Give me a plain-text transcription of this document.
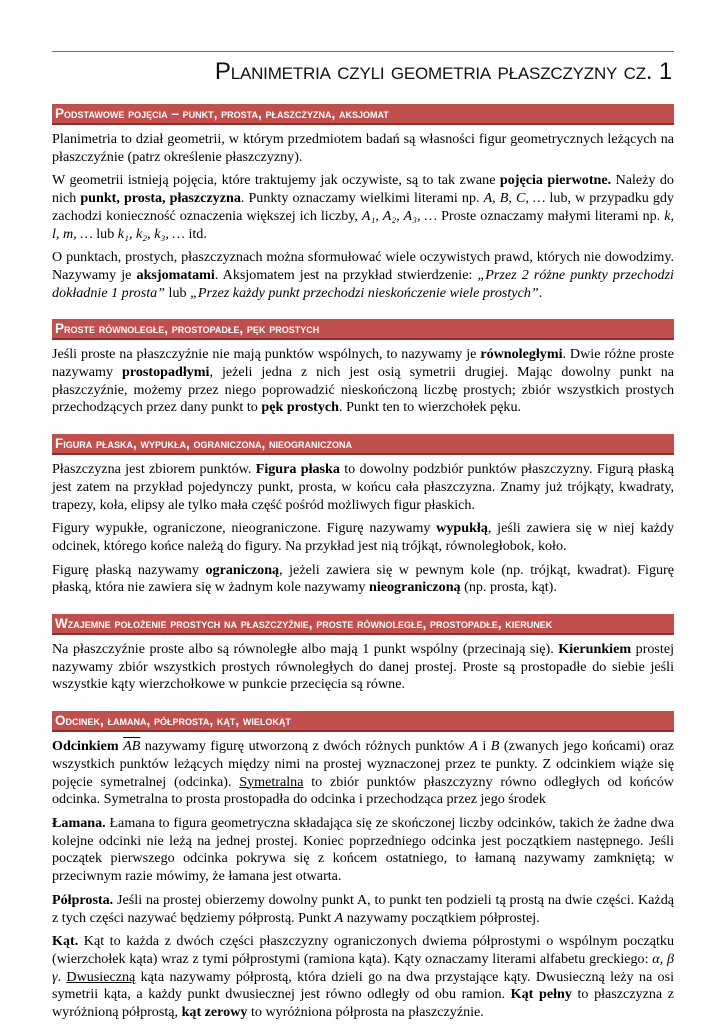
Planimetria czyli geometria płaszczyzny cz. 1
Podstawowe pojęcia – punkt, prosta, płaszczyzna, aksjomat

Planimetria to dział geometrii, w którym przedmiotem badań są własności figur geometrycznych leżących na płaszczyźnie (patrz określenie płaszczyzny).

W geometrii istnieją pojęcia, które traktujemy jak oczywiste, są to tak zwane pojęcia pierwotne. Należy do nich punkt, prosta, płaszczyzna. Punkty oznaczamy wielkimi literami np. A, B, C, … lub, w przypadku gdy zachodzi konieczność oznaczenia większej ich liczby, A₁, A₂, A₃, … Proste oznaczamy małymi literami np. k, l, m, … lub k₁, k₂, k₃, … itd.

O punktach, prostych, płaszczyznach można sformułować wiele oczywistych prawd, których nie dowodzimy. Nazywamy je aksjomatami. Aksjomatem jest na przykład stwierdzenie: „Przez 2 różne punkty przechodzi dokładnie 1 prosta” lub „Przez każdy punkt przechodzi nieskończenie wiele prostych”.

Proste równoległe, prostopadłe, pęk prostych

Jeśli proste na płaszczyźnie nie mają punktów wspólnych, to nazywamy je równoległymi. Dwie różne proste nazywamy prostopadłymi, jeżeli jedna z nich jest osią symetrii drugiej. Mając dowolny punkt na płaszczyźnie, możemy przez niego poprowadzić nieskończoną liczbę prostych; zbiór wszystkich prostych przechodzących przez dany punkt to pęk prostych. Punkt ten to wierzchołek pęku.

Figura płaska, wypukła, ograniczona, nieograniczona

Płaszczyzna jest zbiorem punktów. Figura płaska to dowolny podzbiór punktów płaszczyzny. Figurą płaską jest zatem na przykład pojedynczy punkt, prosta, w końcu cała płaszczyzna. Znamy już trójkąty, kwadraty, trapezy, koła, elipsy ale tylko mała część pośród możliwych figur płaskich.

Figury wypukłe, ograniczone, nieograniczone. Figurę nazywamy wypukłą, jeśli zawiera się w niej każdy odcinek, którego końce należą do figury. Na przykład jest nią trójkąt, równoległobok, koło.

Figurę płaską nazywamy ograniczoną, jeżeli zawiera się w pewnym kole (np. trójkąt, kwadrat). Figurę płaską, która nie zawiera się w żadnym kole nazywamy nieograniczoną (np. prosta, kąt).

Wzajemne położenie prostych na płaszczyźnie, proste równoległe, prostopadłe, kierunek

Na płaszczyźnie proste albo są równoległe albo mają 1 punkt wspólny (przecinają się). Kierunkiem prostej nazywamy zbiór wszystkich prostych równoległych do danej prostej. Proste są prostopadłe do siebie jeśli wszystkie kąty wierzchołkowe w punkcie przecięcia są równe.

Odcinek, łamana, półprosta, kąt, wielokąt

Odcinkiem $\overline{AB}$ nazywamy figurę utworzoną z dwóch różnych punktów A i B (zwanych jego końcami) oraz wszystkich punktów leżących między nimi na prostej wyznaczonej przez te punkty. Z odcinkiem wiąże się pojęcie symetralnej (odcinka). Symetralna to zbiór punktów płaszczyzny równo odległych od końców odcinka. Symetralna to prosta prostopadła do odcinka i przechodząca przez jego środek

Łamana. Łamana to figura geometryczna składająca się ze skończonej liczby odcinków, takich że żadne dwa kolejne odcinki nie leżą na jednej prostej. Koniec poprzedniego odcinka jest początkiem następnego. Jeśli początek pierwszego odcinka pokrywa się z końcem ostatniego, to łamaną nazywamy zamkniętą; w przeciwnym razie mówimy, że łamana jest otwarta.

Półprosta. Jeśli na prostej obierzemy dowolny punkt A, to punkt ten podzieli tą prostą na dwie części. Każdą z tych części nazywać będziemy półprostą. Punkt A nazywamy początkiem półprostej.

Kąt. Kąt to każda z dwóch części płaszczyzny ograniczonych dwiema półprostymi o wspólnym początku (wierzchołek kąta) wraz z tymi półprostymi (ramiona kąta). Kąty oznaczamy literami alfabetu greckiego: α, β γ. Dwusieczną kąta nazywamy półprostą, która dzieli go na dwa przystające kąty. Dwusieczną leży na osi symetrii kąta, a każdy punkt dwusiecznej jest równo odległy od obu ramion. Kąt pełny to płaszczyzna z wyróżnioną półprostą, kąt zerowy to wyróżniona półprosta na płaszczyźnie.
